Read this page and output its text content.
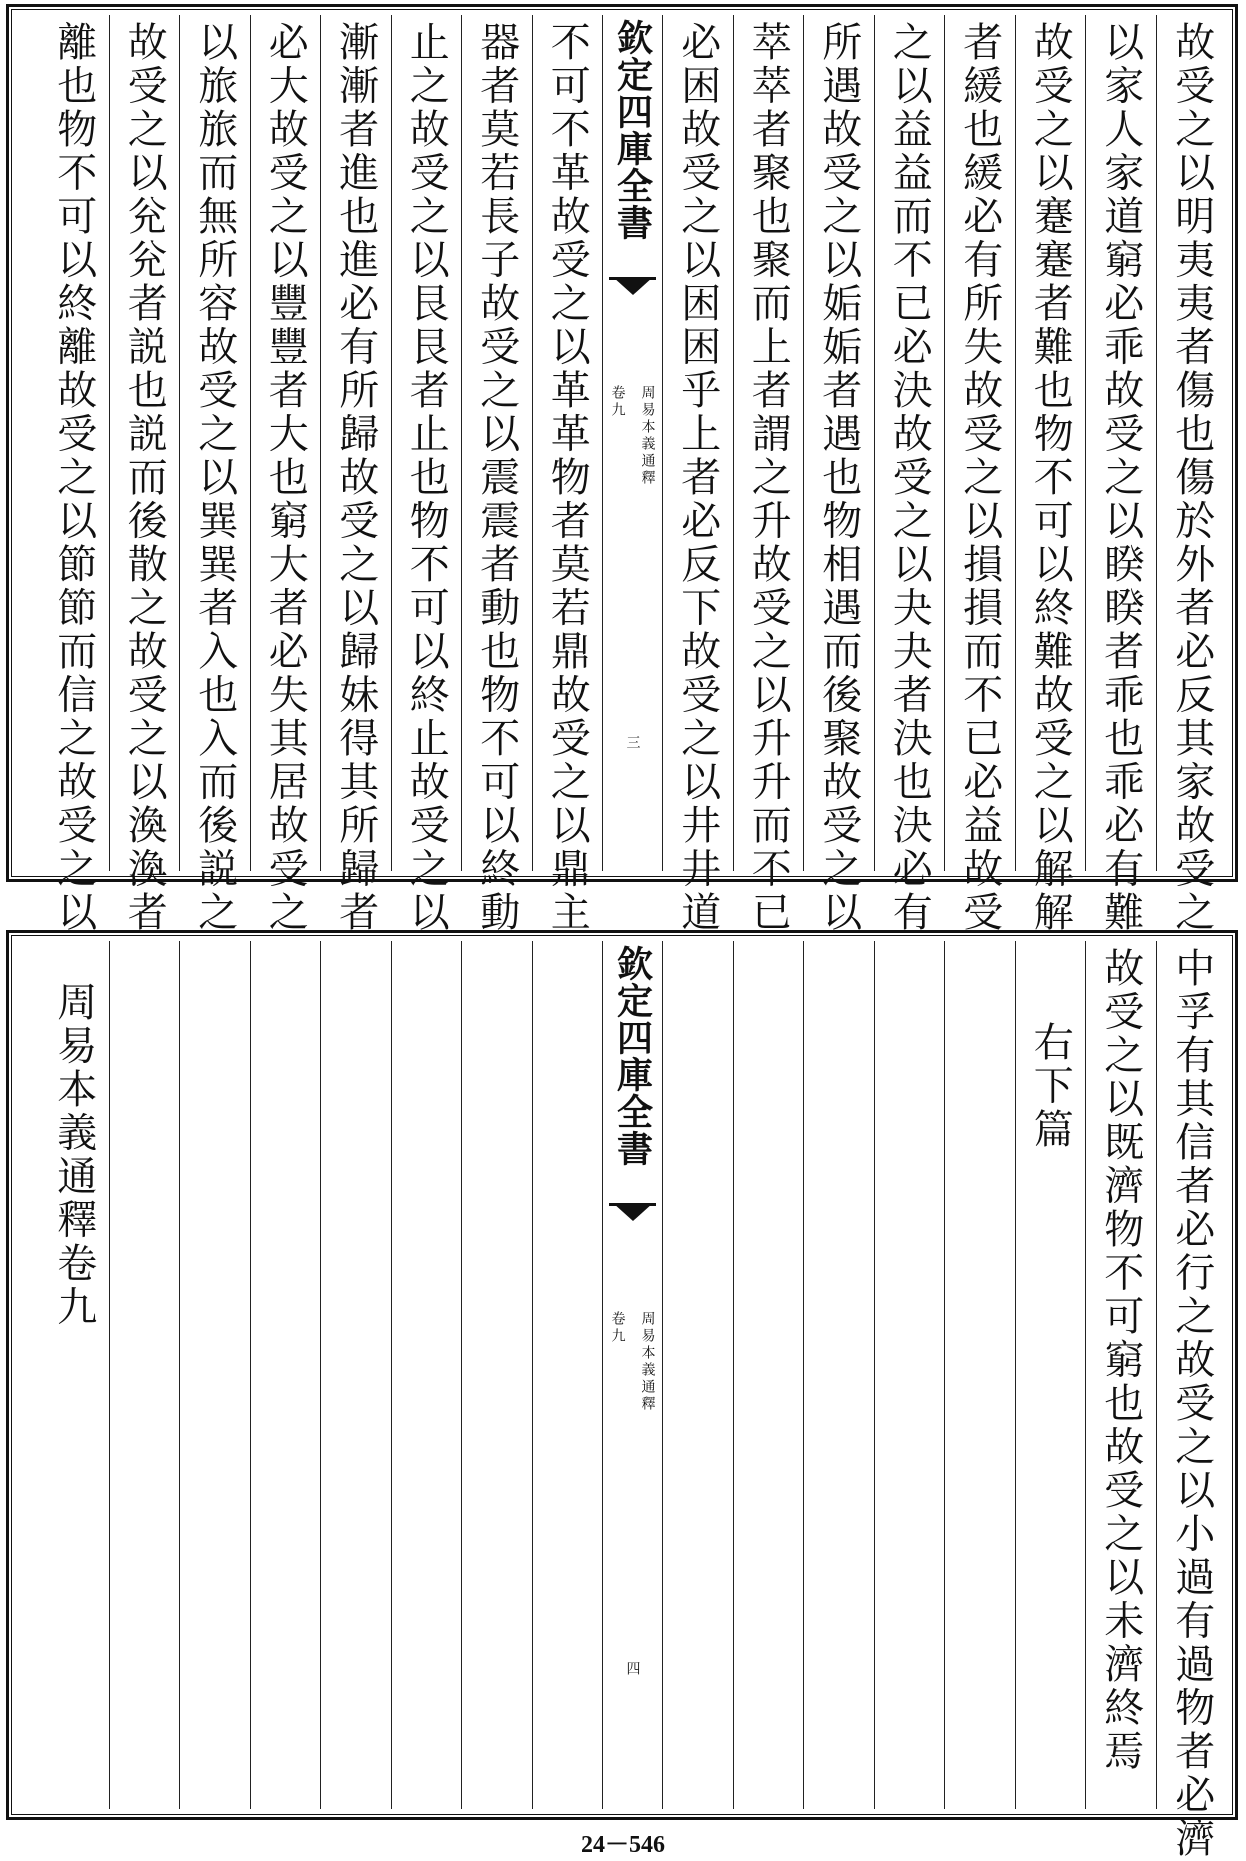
故受之以明夷夷者傷也傷於外者必反其家故受之
以家人家道窮必乖故受之以睽睽者乖也乖必有難
故受之以蹇蹇者難也物不可以終難故受之以解解
者緩也緩必有所失故受之以損損而不已必益故受
之以益益而不已必決故受之以夬夬者決也決必有
所遇故受之以姤姤者遇也物相遇而後聚故受之以
萃萃者聚也聚而上者謂之升故受之以升升而不已
必困故受之以困困乎上者必反下故受之以井井道
欽定四庫全書
周易本義通釋
卷九
三
不可不革故受之以革革物者莫若鼎故受之以鼎主
器者莫若長子故受之以震震者動也物不可以終動
止之故受之以艮艮者止也物不可以終止故受之以
漸漸者進也進必有所歸故受之以歸妹得其所歸者
必大故受之以豐豐者大也窮大者必失其居故受之
以旅旅而無所容故受之以巽巽者入也入而後説之
故受之以兊兊者説也説而後散之故受之以渙渙者
離也物不可以終離故受之以節節而信之故受之以
中孚有其信者必行之故受之以小過有過物者必濟
故受之以既濟物不可窮也故受之以未濟終焉
右下篇
欽定四庫全書
周易本義通釋
卷九
四
周易本義通釋卷九
24－546
